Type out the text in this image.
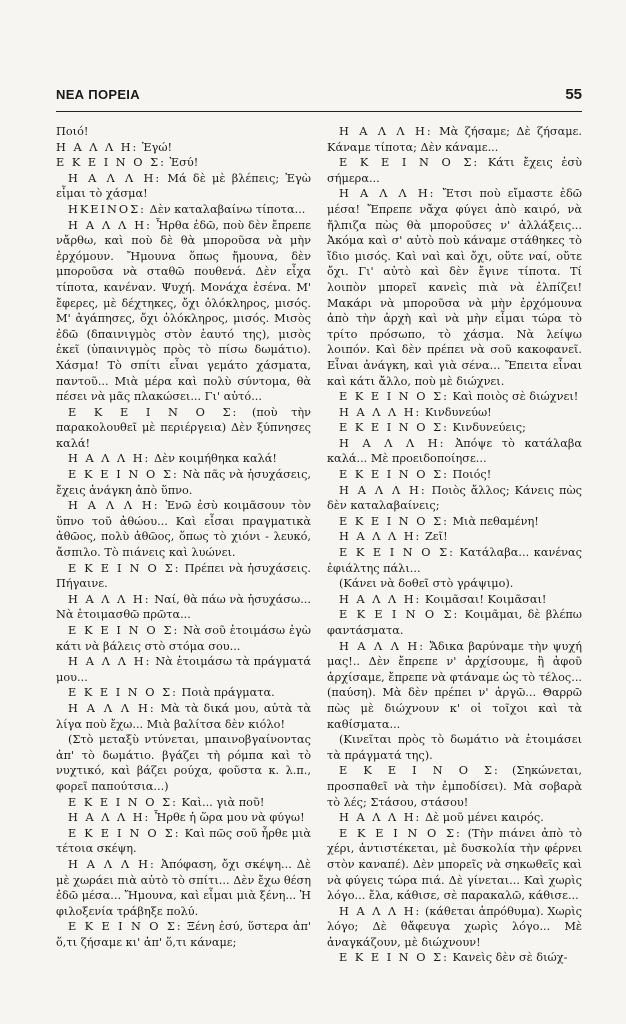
ΝΕΑ ΠΟΡΕΙΑ	55

Ποιό!

Η Α Λ Λ Η: Ἐγώ!

Ε Κ Ε Ι Ν Ο Σ: Ἐσύ!

Η Α Λ Λ Η: Μά δὲ μὲ βλέπεις; Ἐγὼ εἶμαι τὸ χάσμα!

ΗΚΕΙΝΟΣ: Δὲν καταλαβαίνω τίποτα...

Η Α Λ Λ Η: Ἦρθα ἐδῶ, ποὺ δὲν ἔπρεπε νἄρθω, καὶ ποὺ δὲ θὰ μποροῦσα νὰ μὴν ἐρχόμουν. Ἤμουνα ὅπως ἤμουνα, δὲν μποροῦσα νὰ σταθῶ πουθενά. Δὲν εἶχα τίποτα, κανέναν. Ψυχή. Μονάχα ἐσένα. Μ' ἔφερες, μὲ δέχτηκες, ὄχι ὁλόκληρος, μισός. Μ' ἀγάπησες, ὄχι ὁλόκληρος, μισός. Μισὸς ἐδῶ (δπαινιγμὸς στὸν ἑαυτό της), μισὸς ἐκεῖ (ὑπαινιγμὸς πρὸς τὸ πίσω δωμάτιο). Χάσμα! Τὸ σπίτι εἶναι γεμάτο χάσματα, παντοῦ... Μιὰ μέρα καὶ πολὺ σύντομα, θὰ πέσει νὰ μᾶς πλακώσει... Γι' αὐτό...

Ε Κ Ε Ι Ν Ο Σ: (ποὺ τὴν παρακολουθεῖ μὲ περιέργεια) Δὲν ξύπνησες καλά!

Η Α Λ Λ Η: Δὲν κοιμήθηκα καλά!

Ε Κ Ε Ι Ν Ο Σ: Νὰ πᾶς νὰ ἡσυχάσεις, ἔχεις ἀνάγκη ἀπὸ ὕπνο.

Η Α Λ Λ Η: Ἐνῶ ἐσὺ κοιμᾶσουν τὸν ὕπνο τοῦ ἀθώου... Καὶ εἶσαι πραγματικὰ ἀθῶος, πολὺ ἀθῶος, ὅπως τὸ χιόνι - λευκό, ἄσπιλο. Τὸ πιάνεις καὶ λυώνει.

Ε Κ Ε Ι Ν Ο Σ: Πρέπει νὰ ἡσυχάσεις. Πήγαινε.

Η Α Λ Λ Η: Ναί, θὰ πάω νὰ ἡσυχάσω... Νὰ ἑτοιμασθῶ πρῶτα...

Ε Κ Ε Ι Ν Ο Σ: Νὰ σοῦ ἑτοιμάσω ἐγὼ κάτι νὰ βάλεις στὸ στόμα σου...

Η Α Λ Λ Η: Νὰ ἑτοιμάσω τὰ πράγματά μου...

Ε Κ Ε Ι Ν Ο Σ: Ποιὰ πράγματα.

Η Α Λ Λ Η: Μὰ τὰ δικά μου, αὐτὰ τὰ λίγα ποὺ ἔχω... Μιὰ βαλίτσα δὲν κιόλο!

(Στὸ μεταξὺ ντύνεται, μπαινοβγαίνοντας ἀπ' τὸ δωμάτιο. βγάζει τὴ ρόμπα καὶ τὸ νυχτικό, καὶ βάζει ρούχα, φοῦστα κ. λ.π., φορεῖ παπούτσια...)

Ε Κ Ε Ι Ν Ο Σ: Καὶ... γιὰ ποῦ!

Η Α Λ Λ Η: Ἦρθε ἡ ὥρα μου νὰ φύγω!

Ε Κ Ε Ι Ν Ο Σ: Καὶ πῶς σοῦ ἦρθε μιὰ τέτοια σκέψη.

Η Α Λ Λ Η: Ἀπόφαση, ὄχι σκέψη... Δὲ μὲ χωράει πιὰ αὐτὸ τὸ σπίτι... Δὲν ἔχω θέση ἐδῶ μέσα... Ἤμουνα, καὶ εἶμαι μιὰ ξένη... Ἡ φιλοξενία τράβηξε πολύ.

Ε Κ Ε Ι Ν Ο Σ: Ξένη ἐσύ, ὕστερα ἀπ' ὅ,τι ζήσαμε κι' ἀπ' ὅ,τι κάναμε;

Η Α Λ Λ Η: Μὰ ζήσαμε; Δὲ ζήσαμε. Κάναμε τίποτα; Δὲν κάναμε...

Ε Κ Ε Ι Ν Ο Σ: Κάτι ἔχεις ἐσὺ σήμερα...

Η Α Λ Λ Η: Ἔτσι ποὺ εἴμαστε ἐδῶ μέσα! Ἔπρεπε νἄχα φύγει ἀπὸ καιρό, νὰ ἤλπιζα πὼς θὰ μποροῦσες ν' ἀλλάξεις... Ἀκόμα καὶ σ' αὐτὸ ποὺ κάναμε στάθηκες τὸ ἴδιο μισός. Καὶ ναὶ καὶ ὄχι, οὔτε ναί, οὔτε ὄχι. Γι' αὐτὸ καὶ δὲν ἔγινε τίποτα. Τί λοιπὸν μπορεῖ κανεὶς πιὰ νὰ ἐλπίζει! Μακάρι νὰ μποροῦσα νὰ μὴν ἐρχόμουνα ἀπὸ τὴν ἀρχὴ καὶ νὰ μὴν εἶμαι τώρα τὸ τρίτο πρόσωπο, τὸ χάσμα. Νὰ λείψω λοιπόν. Καὶ δὲν πρέπει νὰ σοῦ κακοφανεῖ. Εἶναι ἀνάγκη, καὶ γιὰ σένα... Ἔπειτα εἶναι καὶ κάτι ἄλλο, ποὺ μὲ διώχνει.

Ε Κ Ε Ι Ν Ο Σ: Καὶ ποιὸς σὲ διώχνει!

Η Α Λ Λ Η: Κινδυνεύω!

Ε Κ Ε Ι Ν Ο Σ: Κινδυνεύεις;

Η Α Λ Λ Η: Ἀπόψε τὸ κατάλαβα καλά... Μὲ προειδοποίησε...

Ε Κ Ε Ι Ν Ο Σ: Ποιός!

Η Α Λ Λ Η: Ποιὸς ἄλλος; Κάνεις πὼς δὲν καταλαβαίνεις;

Ε Κ Ε Ι Ν Ο Σ: Μιὰ πεθαμένη!

Η Α Λ Λ Η: Ζεῖ!

Ε Κ Ε Ι Ν Ο Σ: Κατάλαβα... κανένας ἐφιάλτης πάλι...

(Κάνει νὰ δοθεῖ στὸ γράψιμο).

Η Α Λ Λ Η: Κοιμᾶσαι! Κοιμᾶσαι!

Ε Κ Ε Ι Ν Ο Σ: Κοιμᾶμαι, δὲ βλέπω φαντάσματα.

Η Α Λ Λ Η: Ἄδικα βαρύναμε τὴν ψυχή μας!.. Δὲν ἔπρεπε ν' ἀρχίσουμε, ἢ ἀφοῦ ἀρχίσαμε, ἔπρεπε νὰ φτάναμε ὡς τὸ τέλος... (παύση). Μὰ δὲν πρέπει ν' ἀργῶ... Θαρρῶ πὼς μὲ διώχνουν κ' οἱ τοῖχοι καὶ τὰ καθίσματα...

(Κινεῖται πρὸς τὸ δωμάτιο νὰ ἑτοιμάσει τὰ πράγματά της).

Ε Κ Ε Ι Ν Ο Σ: (Σηκώνεται, προσπαθεῖ νὰ τὴν ἐμποδίσει). Μὰ σοβαρὰ τὸ λές; Στάσου, στάσου!

Η Α Λ Λ Η: Δὲ μοῦ μένει καιρός.

Ε Κ Ε Ι Ν Ο Σ: (Τὴν πιάνει ἀπὸ τὸ χέρι, ἀντιστέκεται, μὲ δυσκολία τὴν φέρνει στὸν καναπέ). Δὲν μπορεῖς νὰ σηκωθεῖς καὶ νὰ φύγεις τώρα πιά. Δὲ γίνεται... Καὶ χωρὶς λόγο... ἔλα, κάθισε, σὲ παρακαλῶ, κάθισε...

Η Α Λ Λ Η: (κάθεται ἀπρόθυμα). Χωρὶς λόγο; Δὲ θἄφευγα χωρὶς λόγο... Μὲ ἀναγκάζουν, μὲ διώχνουν!

Ε Κ Ε Ι Ν Ο Σ: Κανεὶς δὲν σὲ διώχ-
